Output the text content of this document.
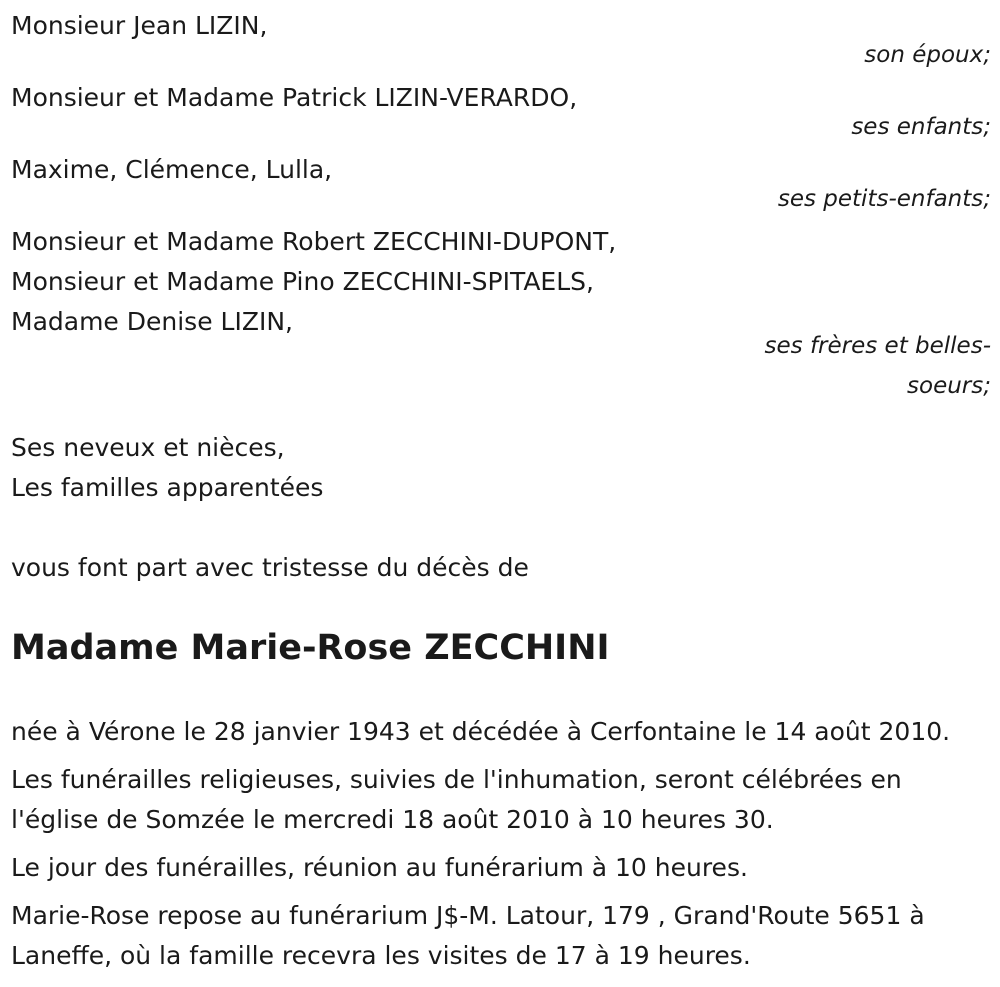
Monsieur Jean LIZIN,
son époux;
Monsieur et Madame Patrick LIZIN-VERARDO,
ses enfants;
Maxime, Clémence, Lulla,
ses petits-enfants;
Monsieur et Madame Robert ZECCHINI-DUPONT,
Monsieur et Madame Pino ZECCHINI-SPITAELS,
Madame Denise LIZIN,
ses frères et belles-
soeurs;
Ses neveux et nièces,
Les familles apparentées
vous font part avec tristesse du décès de
Madame Marie-Rose ZECCHINI

née à Vérone le 28 janvier 1943 et décédée à Cerfontaine le 14 août 2010.

Les funérailles religieuses, suivies de l'inhumation, seront célébrées en l'église de Somzée le mercredi 18 août 2010 à 10 heures 30.

Le jour des funérailles, réunion au funérarium à 10 heures.

Marie-Rose repose au funérarium J$-M. Latour, 179 , Grand'Route 5651 à Laneffe, où la famille recevra les visites de 17 à 19 heures.
